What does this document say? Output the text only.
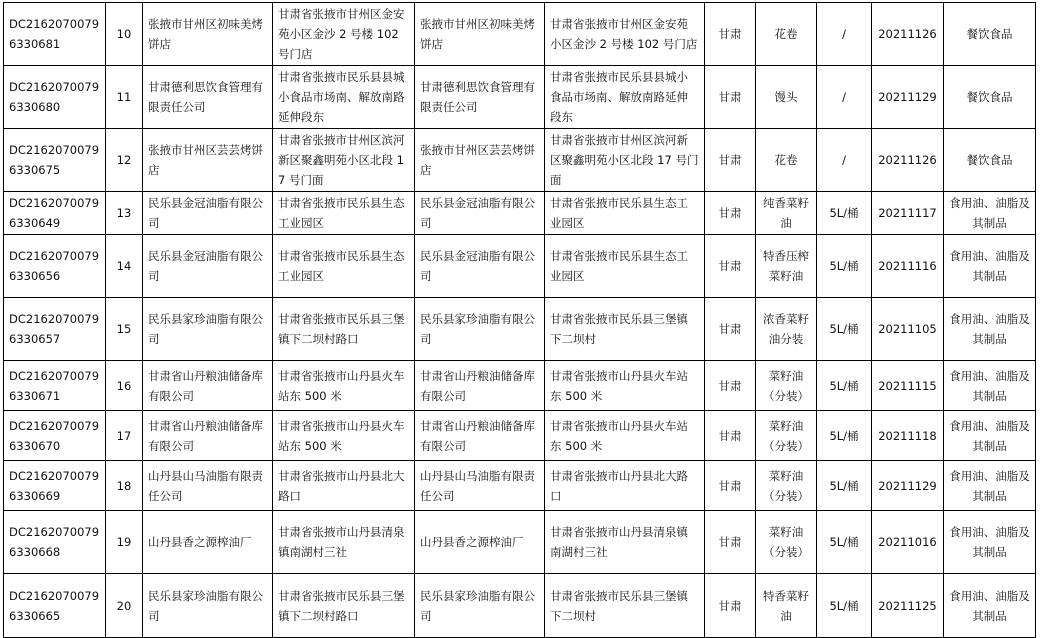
DC2162070079
6330681	10	张掖市甘州区初味美烤饼店	甘肃省张掖市甘州区金安苑小区金沙 2 号楼 102 号门店	张掖市甘州区初味美烤饼店	甘肃省张掖市甘州区金安苑小区金沙 2 号楼 102 号门店	甘肃	花卷	/	20211126	餐饮食品
DC2162070079
6330680	11	甘肃德利思饮食管理有限责任公司	甘肃省张掖市民乐县县城小食品市场南、解放南路延伸段东	甘肃德利思饮食管理有限责任公司	甘肃省张掖市民乐县县城小食品市场南、解放南路延伸段东	甘肃	馒头	/	20211129	餐饮食品
DC2162070079
6330675	12	张掖市甘州区芸芸烤饼店	甘肃省张掖市甘州区滨河新区聚鑫明苑小区北段 17 号门面	张掖市甘州区芸芸烤饼店	甘肃省张掖市甘州区滨河新区聚鑫明苑小区北段 17 号门面	甘肃	花卷	/	20211126	餐饮食品
DC2162070079
6330649	13	民乐县金冠油脂有限公司	甘肃省张掖市民乐县生态工业园区	民乐县金冠油脂有限公司	甘肃省张掖市民乐县生态工业园区	甘肃	纯香菜籽油	5L/桶	20211117	食用油、油脂及其制品
DC2162070079
6330656	14	民乐县金冠油脂有限公司	甘肃省张掖市民乐县生态工业园区	民乐县金冠油脂有限公司	甘肃省张掖市民乐县生态工业园区	甘肃	特香压榨菜籽油	5L/桶	20211116	食用油、油脂及其制品
DC2162070079
6330657	15	民乐县家珍油脂有限公司	甘肃省张掖市民乐县三堡镇下二坝村路口	民乐县家珍油脂有限公司	甘肃省张掖市民乐县三堡镇下二坝村	甘肃	浓香菜籽油分装	5L/桶	20211105	食用油、油脂及其制品
DC2162070079
6330671	16	甘肃省山丹粮油储备库有限公司	甘肃省张掖市山丹县火车站东 500 米	甘肃省山丹粮油储备库有限公司	甘肃省张掖市山丹县火车站东 500 米	甘肃	菜籽油（分装）	5L/桶	20211115	食用油、油脂及其制品
DC2162070079
6330670	17	甘肃省山丹粮油储备库有限公司	甘肃省张掖市山丹县火车站东 500 米	甘肃省山丹粮油储备库有限公司	甘肃省张掖市山丹县火车站东 500 米	甘肃	菜籽油（分装）	5L/桶	20211118	食用油、油脂及其制品
DC2162070079
6330669	18	山丹县山马油脂有限责任公司	甘肃省张掖市山丹县北大路口	山丹县山马油脂有限责任公司	甘肃省张掖市山丹县北大路口	甘肃	菜籽油（分装）	5L/桶	20211129	食用油、油脂及其制品
DC2162070079
6330668	19	山丹县香之源榨油厂	甘肃省张掖市山丹县清泉镇南湖村三社	山丹县香之源榨油厂	甘肃省张掖市山丹县清泉镇南湖村三社	甘肃	菜籽油（分装）	5L/桶	20211016	食用油、油脂及其制品
DC2162070079
6330665	20	民乐县家珍油脂有限公司	甘肃省张掖市民乐县三堡镇下二坝村路口	民乐县家珍油脂有限公司	甘肃省张掖市民乐县三堡镇下二坝村	甘肃	特香菜籽油	5L/桶	20211125	食用油、油脂及其制品
